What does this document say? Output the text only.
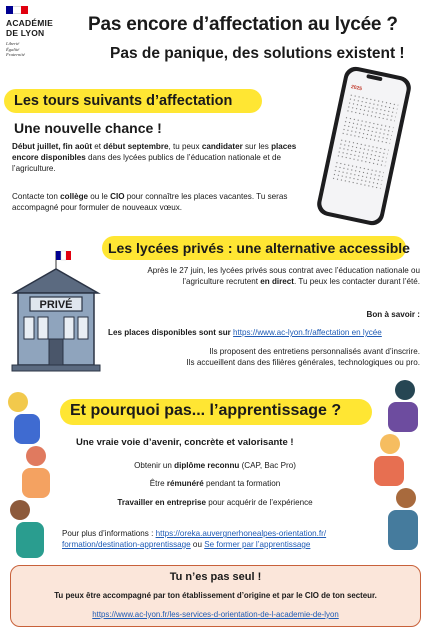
ACADÉMIE
DE LYON
Liberté
Égalité
Fraternité
Pas encore d’affectation au lycée ?
Pas de panique, des solutions existent !
Les tours suivants d’affectation
Une nouvelle chance !
Début juillet, fin août et début septembre, tu peux candidater sur les places encore disponibles dans des lycées publics de l’éducation nationale et de l’agriculture.
Contacte ton collège ou le CIO pour connaître les places vacantes. Tu seras accompagné pour formuler de nouveaux vœux.
2025
Les lycées privés : une alternative accessible
PRIVÉ
Après le 27 juin, les lycées privés sous contrat avec l’éducation nationale ou l’agriculture recrutent en direct. Tu peux les contacter durant l’été.
Bon à savoir :
Les places disponibles sont sur https://www.ac-lyon.fr/affectation en lycée
Ils proposent des entretiens personnalisés avant d’inscrire.
Ils accueillent dans des filières générales, technologiques ou pro.
Et pourquoi pas... l’apprentissage ?
Une vraie voie d’avenir, concrète et valorisante !
Obtenir un diplôme reconnu (CAP, Bac Pro)
Être rémunéré pendant ta formation
Travailler en entreprise pour acquérir de l’expérience
Pour plus d’informations : https://oreka.auvergnerhonealpes-orientation.fr/
formation/destination-apprentissage ou Se former par l’apprentissage
Tu n’es pas seul !
Tu peux être accompagné par ton établissement d’origine et par le CIO de ton secteur.
https://www.ac-lyon.fr/les-services-d-orientation-de-l-academie-de-lyon
